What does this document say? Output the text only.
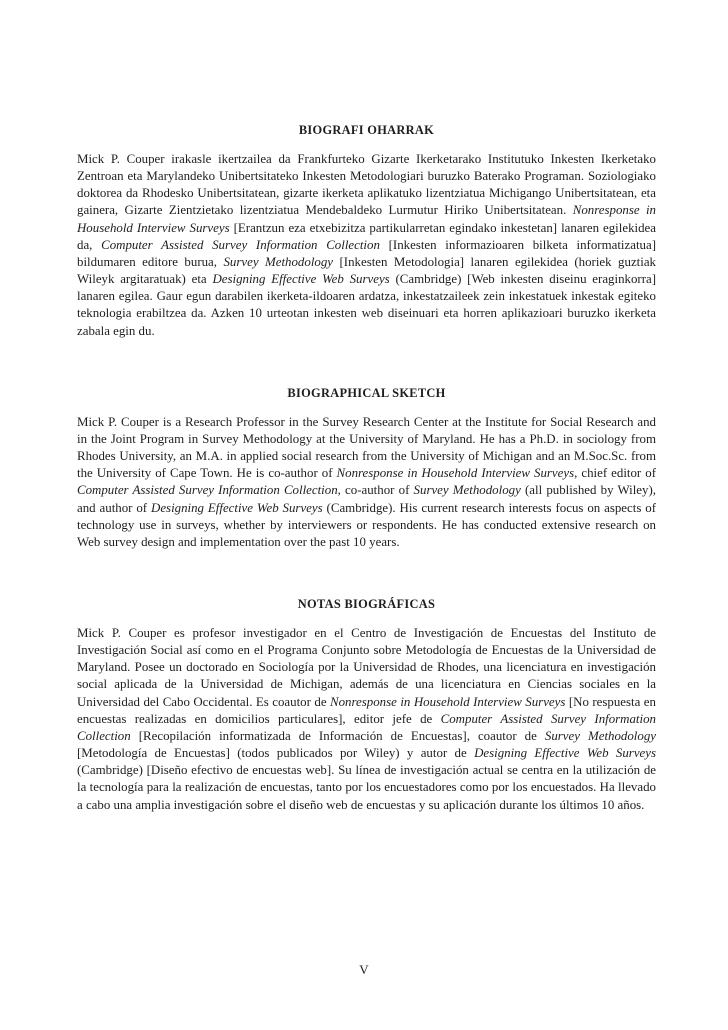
BIOGRAFI OHARRAK

Mick P. Couper irakasle ikertzailea da Frankfurteko Gizarte Ikerketarako Institutuko Inkesten Ikerketako Zentroan eta Marylandeko Unibertsitateko Inkesten Metodologiari buruzko Baterako Programan. Soziologiako doktorea da Rhodesko Unibertsitatean, gizarte ikerketa aplikatuko lizentziatua Michigango Unibertsitatean, eta gainera, Gizarte Zientzietako lizentziatua Mendebaldeko Lurmutur Hiriko Unibertsitatean. Nonresponse in Household Interviеw Surveys [Erantzun eza etxebizitza partikularretan egindako inkestetan] lanaren egilekidea da, Computer Assisted Survey Information Collection [Inkesten informazioaren bilketa informatizatua] bildumaren editore burua, Survey Methodology [Inkesten Metodologia] lanaren egilekidea (horiek guztiak Wileyk argitaratuak) eta Designing Effective Web Surveys (Cambridge) [Web inkesten diseinu eraginkorra] lanaren egilea. Gaur egun darabilen ikerketa-ildoaren ardatza, inkestatzaileek zein inkestatuek inkestak egiteko teknologia erabiltzea da. Azken 10 urteotan inkesten web diseinuari eta horren aplikazioari buruzko ikerketa zabala egin du.

BIOGRAPHICAL SKETCH

Mick P. Couper is a Research Professor in the Survey Research Center at the Institute for Social Research and in the Joint Program in Survey Methodology at the University of Maryland. He has a Ph.D. in sociology from Rhodes University, an M.A. in applied social research from the University of Michigan and an M.Soc.Sc. from the University of Cape Town. He is co-author of Nonresponse in Household Interview Surveys, chief editor of Computer Assisted Survey Information Collection, co-author of Survey Methodology (all published by Wiley), and author of Designing Effective Web Surveys (Cambridge). His current research interests focus on aspects of technology use in surveys, whether by interviewers or respondents. He has conducted extensive research on Web survey design and implementation over the past 10 years.

NOTAS BIOGRÁFICAS

Mick P. Couper es profesor investigador en el Centro de Investigación de Encuestas del Instituto de Investigación Social así como en el Programa Conjunto sobre Metodología de Encuestas de la Universidad de Maryland. Posee un doctorado en Sociología por la Universidad de Rhodes, una licenciatura en investigación social aplicada de la Universidad de Michigan, además de una licenciatura en Ciencias sociales en la Universidad del Cabo Occidental. Es coautor de Nonresponse in Household Interviеw Surveys [No respuesta en encuestas realizadas en domicilios particulares], editor jefe de Computer Assisted Survey Information Collection [Recopilación informatizada de Información de Encuestas], coautor de Survey Methodology [Metodología de Encuestas] (todos publicados por Wiley) y autor de Designing Effective Web Surveys (Cambridge) [Diseño efectivo de encuestas web]. Su línea de investigación actual se centra en la utilización de la tecnología para la realización de encuestas, tanto por los encuestadores como por los encuestados. Ha llevado a cabo una amplia investigación sobre el diseño web de encuestas y su aplicación durante los últimos 10 años.

V
